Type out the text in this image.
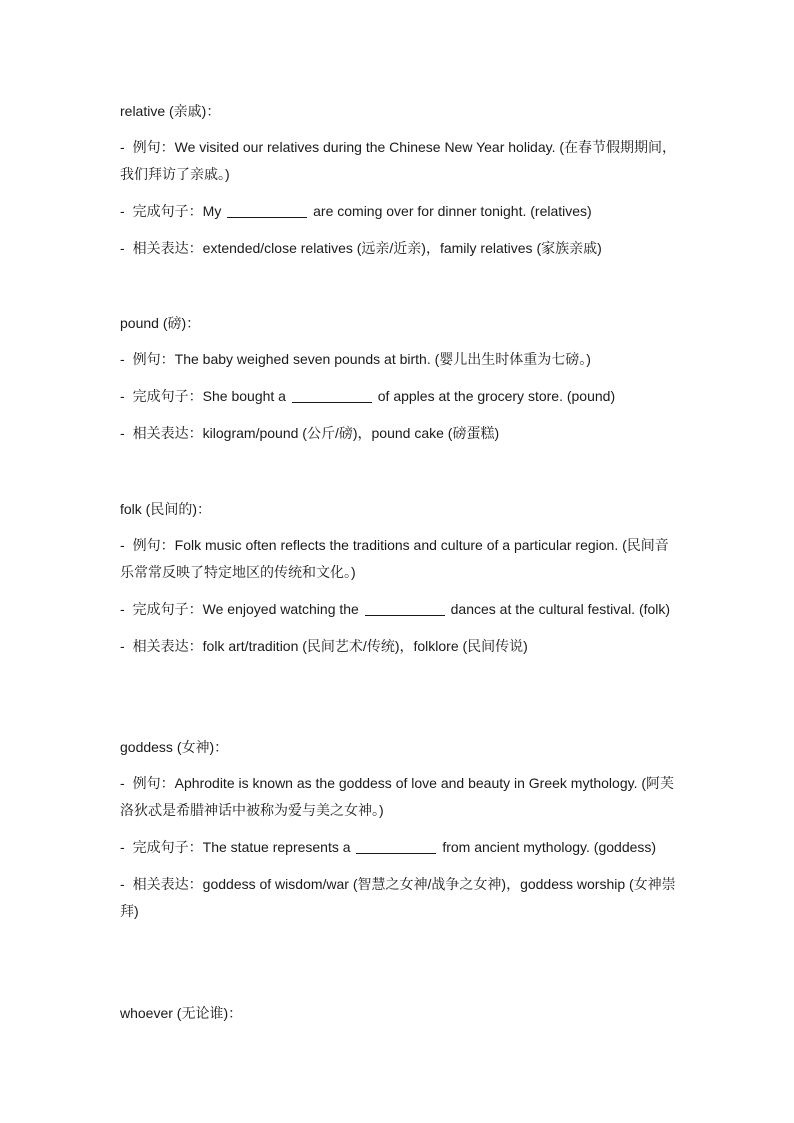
relative (亲戚)：
- 例句：We visited our relatives during the Chinese New Year holiday. (在春节假期期间，我们拜访了亲戚。)
- 完成句子：My	are coming over for dinner tonight. (relatives)
- 相关表达：extended/close relatives (远亲/近亲)，family relatives (家族亲戚)
pound (磅)：
- 例句：The baby weighed seven pounds at birth. (婴儿出生时体重为七磅。)
- 完成句子：She bought a	of apples at the grocery store. (pound)
- 相关表达：kilogram/pound (公斤/磅)，pound cake (磅蛋糕)
folk (民间的)：
- 例句：Folk music often reflects the traditions and culture of a particular region. (民间音乐常常反映了特定地区的传统和文化。)
- 完成句子：We enjoyed watching the	dances at the cultural festival. (folk)
- 相关表达：folk art/tradition (民间艺术/传统)，folklore (民间传说)
goddess (女神)：
- 例句：Aphrodite is known as the goddess of love and beauty in Greek mythology. (阿芙洛狄忒是希腊神话中被称为爱与美之女神。)
- 完成句子：The statue represents a	from ancient mythology. (goddess)
- 相关表达：goddess of wisdom/war (智慧之女神/战争之女神)，goddess worship (女神崇拜)
whoever (无论谁)：
